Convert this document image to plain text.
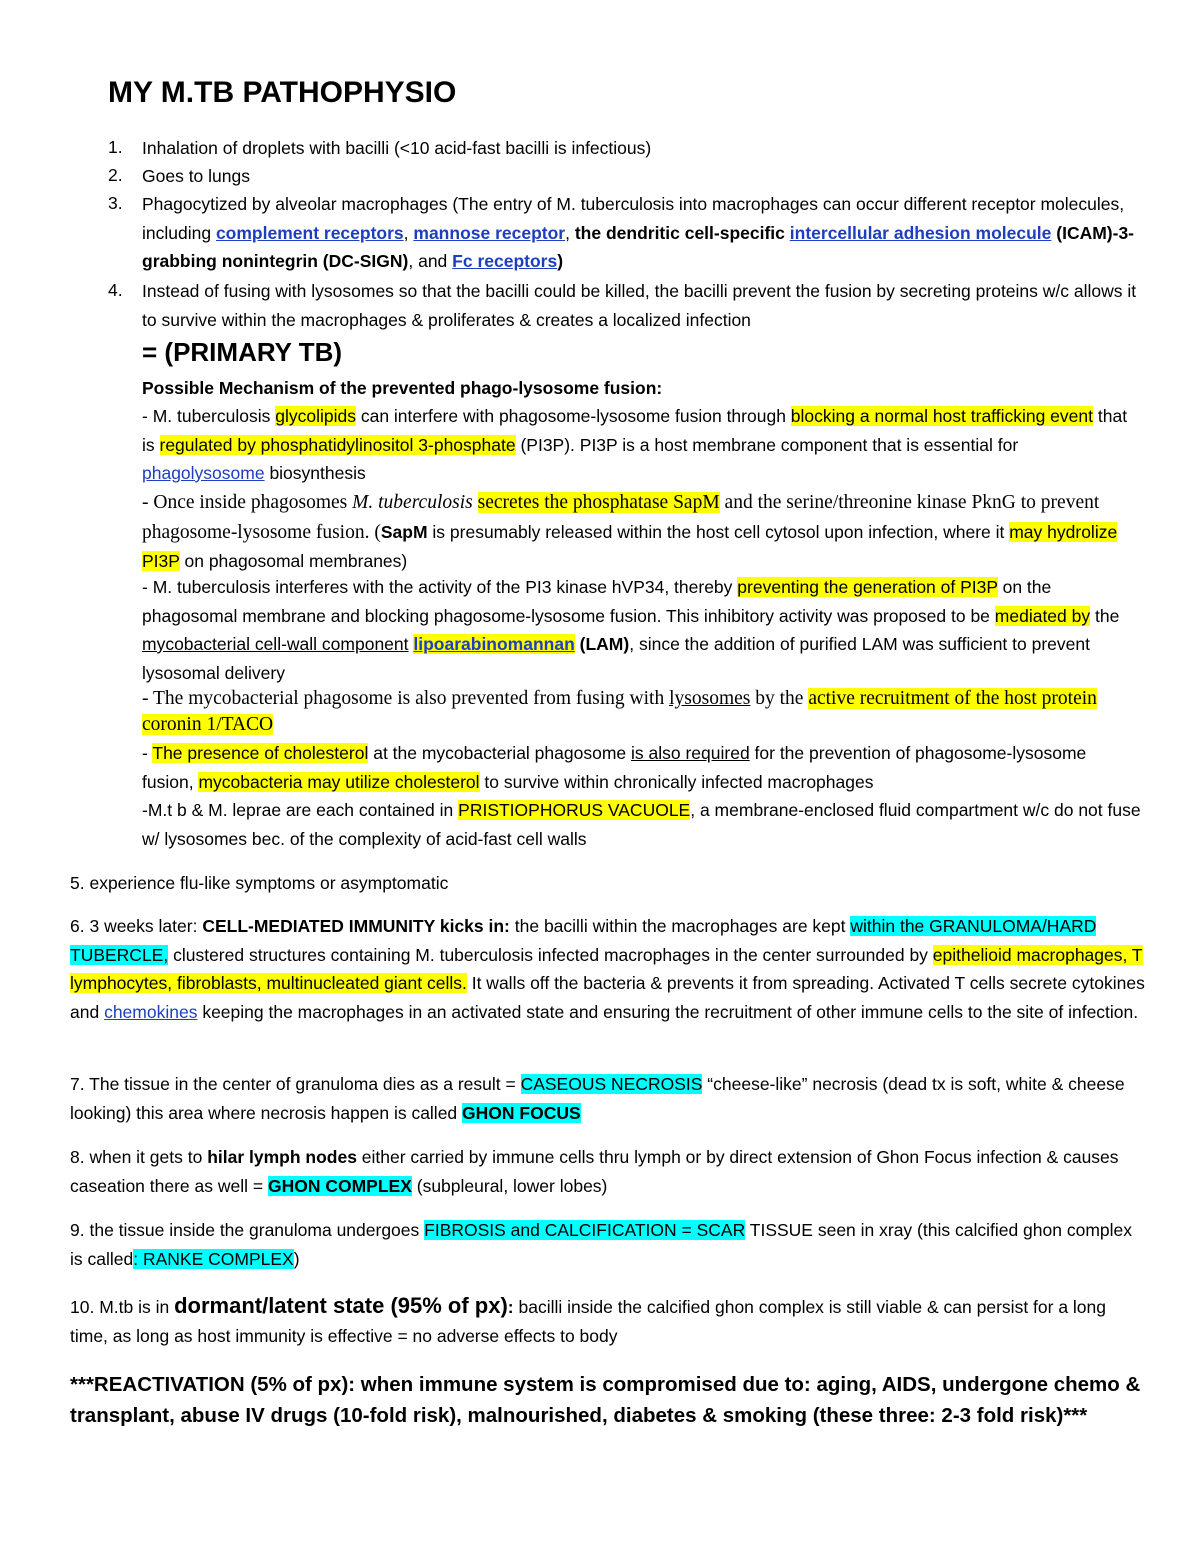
MY M.TB PATHOPHYSIO
1.	Inhalation of droplets with bacilli (<10 acid-fast bacilli is infectious)
2.	Goes to lungs
3.	Phagocytized by alveolar macrophages (The entry of M. tuberculosis into macrophages can occur different receptor molecules, including complement receptors, mannose receptor, the dendritic cell-specific intercellular adhesion molecule (ICAM)-3-grabbing nonintegrin (DC-SIGN), and Fc receptors)

4.	Instead of fusing with lysosomes so that the bacilli could be killed, the bacilli prevent the fusion by secreting proteins w/c allows it to survive within the macrophages & proliferates & creates a localized infection
= (PRIMARY TB)
Possible Mechanism of the prevented phago-lysosome fusion:

- M. tuberculosis glycolipids can interfere with phagosome-lysosome fusion through blocking a normal host trafficking event that is regulated by phosphatidylinositol 3-phosphate (PI3P). PI3P is a host membrane component that is essential for phagolysosome biosynthesis

- Once inside phagosomes M. tuberculosis secretes the phosphatase SapM and the serine/threonine kinase PknG to prevent phagosome-lysosome fusion. (SapM is presumably released within the host cell cytosol upon infection, where it may hydrolize PI3P on phagosomal membranes)

- M. tuberculosis interferes with the activity of the PI3 kinase hVP34, thereby preventing the generation of PI3P on the phagosomal membrane and blocking phagosome-lysosome fusion. This inhibitory activity was proposed to be mediated by the mycobacterial cell-wall component lipoarabinomannan (LAM), since the addition of purified LAM was sufficient to prevent lysosomal delivery

- The mycobacterial phagosome is also prevented from fusing with lysosomes by the active recruitment of the host protein coronin 1/TACO

- The presence of cholesterol at the mycobacterial phagosome is also required for the prevention of phagosome-lysosome fusion, mycobacteria may utilize cholesterol to survive within chronically infected macrophages

-M.t b & M. leprae are each contained in PRISTIOPHORUS VACUOLE, a membrane-enclosed fluid compartment w/c do not fuse w/ lysosomes bec. of the complexity of acid-fast cell walls

5. experience flu-like symptoms or asymptomatic

6. 3 weeks later: CELL-MEDIATED IMMUNITY kicks in: the bacilli within the macrophages are kept within the GRANULOMA/HARD TUBERCLE, clustered structures containing M. tuberculosis infected macrophages in the center surrounded by epithelioid macrophages, T lymphocytes, fibroblasts, multinucleated giant cells. It walls off the bacteria & prevents it from spreading. Activated T cells secrete cytokines and chemokines keeping the macrophages in an activated state and ensuring the recruitment of other immune cells to the site of infection.

7. The tissue in the center of granuloma dies as a result = CASEOUS NECROSIS “cheese-like” necrosis (dead tx is soft, white & cheese looking) this area where necrosis happen is called GHON FOCUS

8. when it gets to hilar lymph nodes either carried by immune cells thru lymph or by direct extension of Ghon Focus infection & causes caseation there as well = GHON COMPLEX (subpleural, lower lobes)

9. the tissue inside the granuloma undergoes FIBROSIS and CALCIFICATION = SCAR TISSUE seen in xray (this calcified ghon complex is called: RANKE COMPLEX)

10. M.tb is in dormant/latent state (95% of px): bacilli inside the calcified ghon complex is still viable & can persist for a long time, as long as host immunity is effective = no adverse effects to body

***REACTIVATION (5% of px): when immune system is compromised due to: aging, AIDS, undergone chemo & transplant, abuse IV drugs (10-fold risk), malnourished, diabetes & smoking (these three: 2-3 fold risk)***
